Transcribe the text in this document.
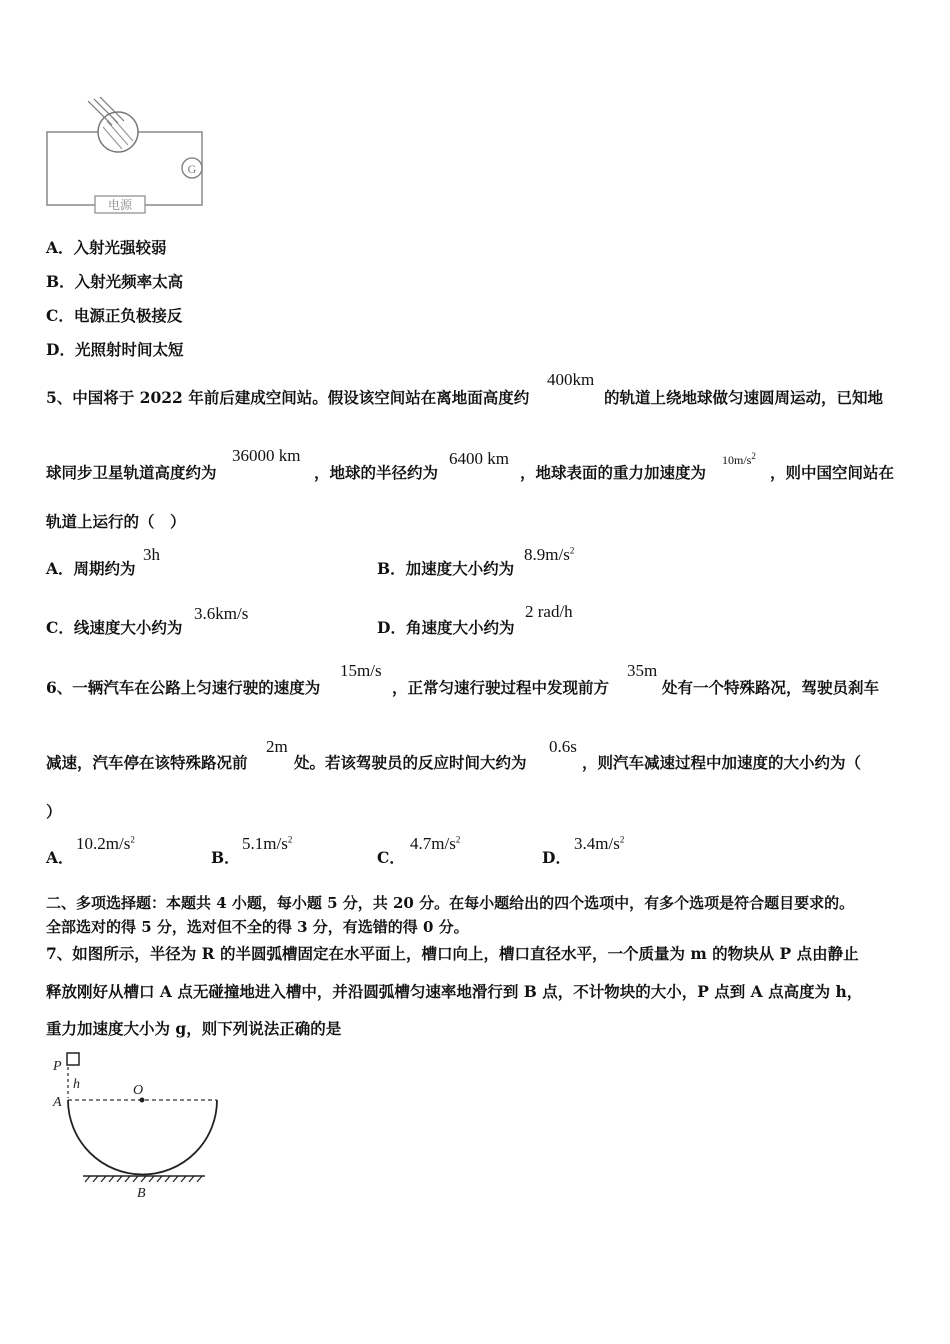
G
电源
A．入射光强较弱
B．入射光频率太高
C．电源正负极接反
D．光照射时间太短
5、中国将于 2022 年前后建成空间站。假设该空间站在离地面高度约
400km
的轨道上绕地球做匀速圆周运动，已知地
球同步卫星轨道高度约为
36000 km
，地球的半径约为
6400 km
，地球表面的重力加速度为
$10m/s^2$
，则中国空间站在
轨道上运行的（　）
A．周期约为
3h
B．加速度大小约为
$8.9m/s^2$
C．线速度大小约为
3.6km/s
D．角速度大小约为
2 rad/h
6、一辆汽车在公路上匀速行驶的速度为
15m/s
，正常匀速行驶过程中发现前方
35m
处有一个特殊路况，驾驶员刹车
减速，汽车停在该特殊路况前
2m
处。若该驾驶员的反应时间大约为
0.6s
，则汽车减速过程中加速度的大小约为（
）
A．
$10.2m/s^2$
B．
$5.1m/s^2$
C．
$4.7m/s^2$
D．
$3.4m/s^2$
二、多项选择题：本题共 4 小题，每小题 5 分，共 20 分。在每小题给出的四个选项中，有多个选项是符合题目要求的。
全部选对的得 5 分，选对但不全的得 3 分，有选错的得 0 分。
7、如图所示，半径为 R 的半圆弧槽固定在水平面上，槽口向上，槽口直径水平，一个质量为 m 的物块从 P 点由静止
释放刚好从槽口 A 点无碰撞地进入槽中，并沿圆弧槽匀速率地滑行到 B 点，不计物块的大小，P 点到 A 点高度为 h，
重力加速度大小为 g，则下列说法正确的是
P
h
A
O
B
